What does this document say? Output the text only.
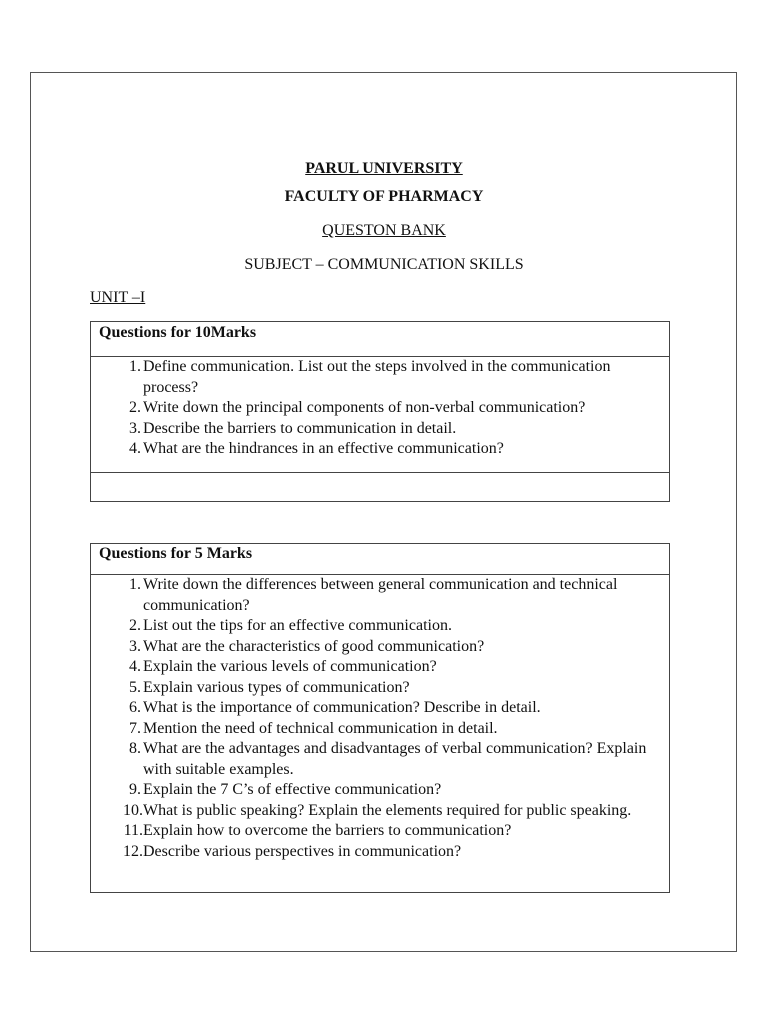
PARUL UNIVERSITY
FACULTY OF PHARMACY
QUESTON BANK
SUBJECT – COMMUNICATION SKILLS
UNIT –I
Questions for 10Marks
1. Define communication. List out the steps involved in the communication process?
2. Write down the principal components of non-verbal communication?
3. Describe the barriers to communication in detail.
4. What are the hindrances in an effective communication?
Questions for 5 Marks
1. Write down the differences between general communication and technical communication?
2. List out the tips for an effective communication.
3. What are the characteristics of good communication?
4. Explain the various levels of communication?
5. Explain various types of communication?
6. What is the importance of communication? Describe in detail.
7. Mention the need of technical communication in detail.
8. What are the advantages and disadvantages of verbal communication? Explain with suitable examples.
9. Explain the 7 C’s of effective communication?
10. What is public speaking? Explain the elements required for public speaking.
11. Explain how to overcome the barriers to communication?
12. Describe various perspectives in communication?
